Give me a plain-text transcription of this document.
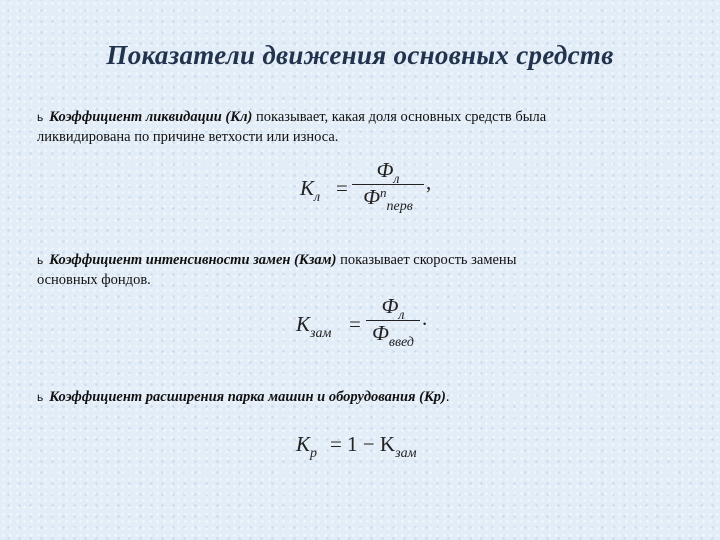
Показатели движения основных средств
ь Коэффициент ликвидации (Кл) показывает, какая доля основных средств была
ликвидирована по причине ветхости или износа.
$K_л$ =
$Ф_л$
$Ф^п_{перв}$
,
ь Коэффициент интенсивности замен (Кзам) показывает скорость замены
основных фондов.
$K_{зам}$ =
$Ф_л$
$Ф_{введ}$
.
ь Коэффициент расширения парка машин и оборудования (Кр).
$K_р = 1 - K_{зам}$
